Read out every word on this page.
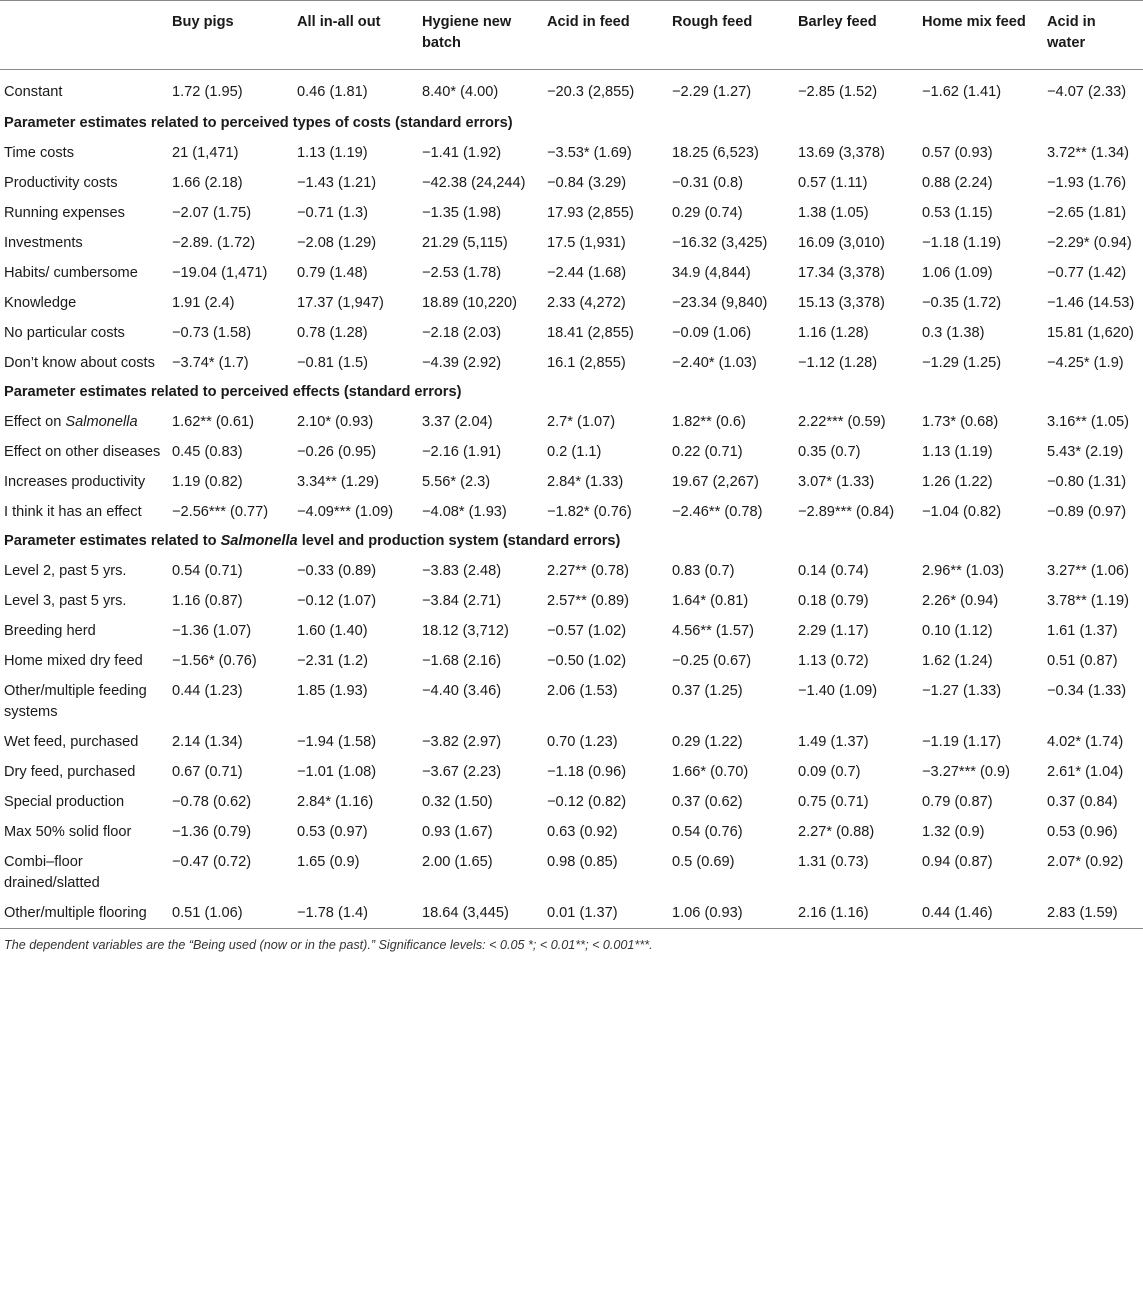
	Buy pigs	All in-all out	Hygiene new batch	Acid in feed	Rough feed	Barley feed	Home mix feed	Acid in water
Constant	1.72 (1.95)	0.46 (1.81)	8.40* (4.00)	−20.3 (2,855)	−2.29 (1.27)	−2.85 (1.52)	−1.62 (1.41)	−4.07 (2.33)
Parameter estimates related to perceived types of costs (standard errors)								
Time costs	21 (1,471)	1.13 (1.19)	−1.41 (1.92)	−3.53* (1.69)	18.25 (6,523)	13.69 (3,378)	0.57 (0.93)	3.72** (1.34)
Productivity costs	1.66 (2.18)	−1.43 (1.21)	−42.38 (24,244)	−0.84 (3.29)	−0.31 (0.8)	0.57 (1.11)	0.88 (2.24)	−1.93 (1.76)
Running expenses	−2.07 (1.75)	−0.71 (1.3)	−1.35 (1.98)	17.93 (2,855)	0.29 (0.74)	1.38 (1.05)	0.53 (1.15)	−2.65 (1.81)
Investments	−2.89. (1.72)	−2.08 (1.29)	21.29 (5,115)	17.5 (1,931)	−16.32 (3,425)	16.09 (3,010)	−1.18 (1.19)	−2.29* (0.94)
Habits/ cumbersome	−19.04 (1,471)	0.79 (1.48)	−2.53 (1.78)	−2.44 (1.68)	34.9 (4,844)	17.34 (3,378)	1.06 (1.09)	−0.77 (1.42)
Knowledge	1.91 (2.4)	17.37 (1,947)	18.89 (10,220)	2.33 (4,272)	−23.34 (9,840)	15.13 (3,378)	−0.35 (1.72)	−1.46 (14.53)
No particular costs	−0.73 (1.58)	0.78 (1.28)	−2.18 (2.03)	18.41 (2,855)	−0.09 (1.06)	1.16 (1.28)	0.3 (1.38)	15.81 (1,620)
Don’t know about costs	−3.74* (1.7)	−0.81 (1.5)	−4.39 (2.92)	16.1 (2,855)	−2.40* (1.03)	−1.12 (1.28)	−1.29 (1.25)	−4.25* (1.9)
Parameter estimates related to perceived effects (standard errors)								
Effect on Salmonella	1.62** (0.61)	2.10* (0.93)	3.37 (2.04)	2.7* (1.07)	1.82** (0.6)	2.22*** (0.59)	1.73* (0.68)	3.16** (1.05)
Effect on other diseases	0.45 (0.83)	−0.26 (0.95)	−2.16 (1.91)	0.2 (1.1)	0.22 (0.71)	0.35 (0.7)	1.13 (1.19)	5.43* (2.19)
Increases productivity	1.19 (0.82)	3.34** (1.29)	5.56* (2.3)	2.84* (1.33)	19.67 (2,267)	3.07* (1.33)	1.26 (1.22)	−0.80 (1.31)
I think it has an effect	−2.56*** (0.77)	−4.09*** (1.09)	−4.08* (1.93)	−1.82* (0.76)	−2.46** (0.78)	−2.89*** (0.84)	−1.04 (0.82)	−0.89 (0.97)
Parameter estimates related to Salmonella level and production system (standard errors)								
Level 2, past 5 yrs.	0.54 (0.71)	−0.33 (0.89)	−3.83 (2.48)	2.27** (0.78)	0.83 (0.7)	0.14 (0.74)	2.96** (1.03)	3.27** (1.06)
Level 3, past 5 yrs.	1.16 (0.87)	−0.12 (1.07)	−3.84 (2.71)	2.57** (0.89)	1.64* (0.81)	0.18 (0.79)	2.26* (0.94)	3.78** (1.19)
Breeding herd	−1.36 (1.07)	1.60 (1.40)	18.12 (3,712)	−0.57 (1.02)	4.56** (1.57)	2.29 (1.17)	0.10 (1.12)	1.61 (1.37)
Home mixed dry feed	−1.56* (0.76)	−2.31 (1.2)	−1.68 (2.16)	−0.50 (1.02)	−0.25 (0.67)	1.13 (0.72)	1.62 (1.24)	0.51 (0.87)
Other/multiple feeding systems	0.44 (1.23)	1.85 (1.93)	−4.40 (3.46)	2.06 (1.53)	0.37 (1.25)	−1.40 (1.09)	−1.27 (1.33)	−0.34 (1.33)
Wet feed, purchased	2.14 (1.34)	−1.94 (1.58)	−3.82 (2.97)	0.70 (1.23)	0.29 (1.22)	1.49 (1.37)	−1.19 (1.17)	4.02* (1.74)
Dry feed, purchased	0.67 (0.71)	−1.01 (1.08)	−3.67 (2.23)	−1.18 (0.96)	1.66* (0.70)	0.09 (0.7)	−3.27*** (0.9)	2.61* (1.04)
Special production	−0.78 (0.62)	2.84* (1.16)	0.32 (1.50)	−0.12 (0.82)	0.37 (0.62)	0.75 (0.71)	0.79 (0.87)	0.37 (0.84)
Max 50% solid floor	−1.36 (0.79)	0.53 (0.97)	0.93 (1.67)	0.63 (0.92)	0.54 (0.76)	2.27* (0.88)	1.32 (0.9)	0.53 (0.96)
Combi–floor drained/slatted	−0.47 (0.72)	1.65 (0.9)	2.00 (1.65)	0.98 (0.85)	0.5 (0.69)	1.31 (0.73)	0.94 (0.87)	2.07* (0.92)
Other/multiple flooring	0.51 (1.06)	−1.78 (1.4)	18.64 (3,445)	0.01 (1.37)	1.06 (0.93)	2.16 (1.16)	0.44 (1.46)	2.83 (1.59)
The dependent variables are the “Being used (now or in the past).” Significance levels: < 0.05 *; < 0.01**; < 0.001***.
